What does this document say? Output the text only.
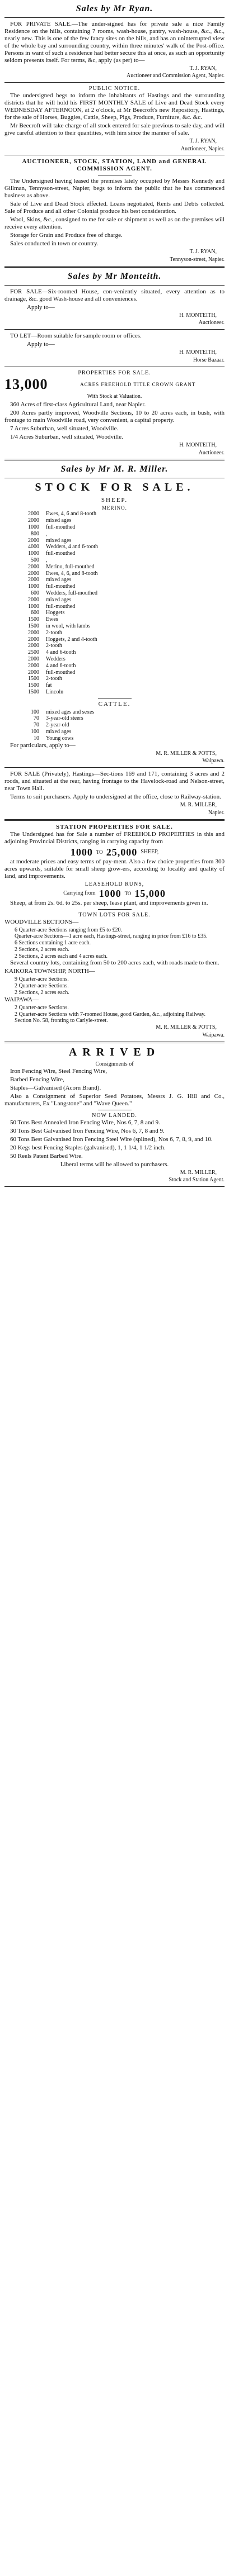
Sales by Mr Ryan.

FOR PRIVATE SALE.—The under-signed has for private sale a nice Family Residence on the hills, containing 7 rooms, wash-house, pantry, wash-house, &c., &c., nearly new. This is one of the few fancy sites on the hills, and has an uninterrupted view of the whole bay and surrounding country, within three minutes' walk of the Post-office. Persons in want of such a residence had better secure this at once, as such an opportunity seldom presents itself. For terms, &c, apply (as per) to—

T. J. RYAN,

Auctioneer and Commission Agent, Napier.

PUBLIC NOTICE.

The undersigned begs to inform the inhabitants of Hastings and the surrounding districts that he will hold his FIRST MONTHLY SALE of Live and Dead Stock every WEDNESDAY AFTERNOON, at 2 o'clock, at Mr Beecroft's new Repository, Hastings, for the sale of Horses, Buggies, Cattle, Sheep, Pigs, Produce, Furniture, &c. &c.

Mr Beecroft will take charge of all stock entered for sale previous to sale day, and will give careful attention to their quantities, with him since the manner of sale.

T. J. RYAN,

Auctioneer, Napier.

AUCTIONEER, STOCK, STATION, LAND and GENERAL COMMISSION AGENT.

The Undersigned having leased the premises lately occupied by Messrs Kennedy and Gillman, Tennyson-street, Napier, begs to inform the public that he has commenced business as above.

Sale of Live and Dead Stock effected. Loans negotiated, Rents and Debts collected. Sale of Produce and all other Colonial produce his best consideration.

Wool, Skins, &c., consigned to me for sale or shipment as well as on the premises will receive every attention.

Storage for Grain and Produce free of charge.

Sales conducted in town or country.

T. J. RYAN,

Tennyson-street, Napier.

Sales by Mr Monteith.

FOR SALE—Six-roomed House, con-veniently situated, every attention as to drainage, &c. good Wash-house and all conveniences.

Apply to—

H. MONTEITH,

Auctioneer.

TO LET—Room suitable for sample room or offices.

Apply to—

H. MONTEITH,

Horse Bazaar.

PROPERTIES FOR SALE.
13,000	ACRES FREEHOLD TITLE CROWN GRANT

With Stock at Valuation.

360 Acres of first-class Agricultural Land, near Napier.

200 Acres partly improved, Woodville Sections, 10 to 20 acres each, in bush, with frontage to main Woodville road, very convenient, a capital property.

7 Acres Suburban, well situated, Woodville.

1/4 Acres Suburban, well situated, Woodville.

H. MONTEITH,

Auctioneer.

Sales by Mr M. R. Miller.
STOCK FOR SALE.
SHEEP.
MERINO.
2000	Ewes, 4, 6 and 8-tooth
2000	mixed ages
1000	full-mouthed
800	,
2000	mixed ages
4000	Wedders, 4 and 6-tooth
1000	full-mouthed
500	,
2000	Merino, full-mouthed
2000	Ewes, 4, 6, and 8-tooth
2000	mixed ages
1000	full-mouthed
600	Wedders, full-mouthed
2000	mixed ages
1000	full-mouthed
600	Hoggets
1500	Ewes
1500	in wool, with lambs
2000	2-tooth
2000	Hoggets, 2 and 4-tooth
2000	2-tooth
2500	4 and 6-tooth
2000	Wedders
2000	4 and 6-tooth
2000	full-mouthed
1500	2-tooth
1500	fat
1500	Lincoln
CATTLE.
100	mixed ages and sexes
70	3-year-old steers
70	2-year-old
100	mixed ages
10	Young cows

For particulars, apply to—

M. R. MILLER & POTTS,

Waipawa.

FOR SALE (Privately), Hastings—Sec-tions 169 and 171, containing 3 acres and 2 roods, and situated at the rear, having frontage to the Havelock-road and Nelson-street, near Town Hall.

Terms to suit purchasers. Apply to undersigned at the office, close to Railway-station.

M. R. MILLER,

Napier.

STATION PROPERTIES FOR SALE.

The Undersigned has for Sale a number of FREEHOLD PROPERTIES in this and adjoining Provincial Districts, ranging in carrying capacity from

1000 TO 25,000 SHEEP,

at moderate prices and easy terms of pay-ment. Also a few choice properties from 300 acres upwards, suitable for small sheep grow-ers, according to locality and quality of land, and improvements.

LEASEHOLD RUNS,
Carrying from 1000 TO 15,000

Sheep, at from 2s. 6d. to 25s. per sheep, lease plant, and improvements given in.

TOWN LOTS FOR SALE.

WOODVILLE SECTIONS—

6 Quarter-acre Sections ranging from £5 to £20.
Quarter-acre Sections—1 acre each, Hastings-street, ranging in price from £16 to £35.
6 Sections containing 1 acre each.
2 Sections, 2 acres each.
2 Sections, 2 acres each and 4 acres each.

Several country lots, containing from 50 to 200 acres each, with roads made to them.

KAIKORA TOWNSHIP, NORTH—

9 Quarter-acre Sections.
2 Quarter-acre Sections.
2 Sections, 2 acres each.

WAIPAWA—

2 Quarter-acre Sections.
2 Quarter-acre Sections with 7-roomed House, good Garden, &c., adjoining Railway.
Section No. 58, fronting to Carlyle-street.

M. R. MILLER & POTTS,

Waipawa.

ARRIVED
Consignments of

Iron Fencing Wire, Steel Fencing Wire,

Barbed Fencing Wire,

Staples—Galvanised (Acorn Brand).

Also a Consignment of Superior Seed Potatoes, Messrs J. G. Hill and Co., manufacturers, Ex "Langstone" and "Wave Queen."

NOW LANDED.

50 Tons Best Annealed Iron Fencing Wire, Nos 6, 7, 8 and 9.

30 Tons Best Galvanised Iron Fencing Wire, Nos 6, 7, 8 and 9.

60 Tons Best Galvanised Iron Fencing Steel Wire (splined), Nos 6, 7, 8, 9, and 10.

20 Kegs best Fencing Staples (galvanised), 1, 1 1/4, 1 1/2 inch.

50 Reels Patent Barbed Wire.

Liberal terms will be allowed to purchasers.

M. R. MILLER,

Stock and Station Agent.
